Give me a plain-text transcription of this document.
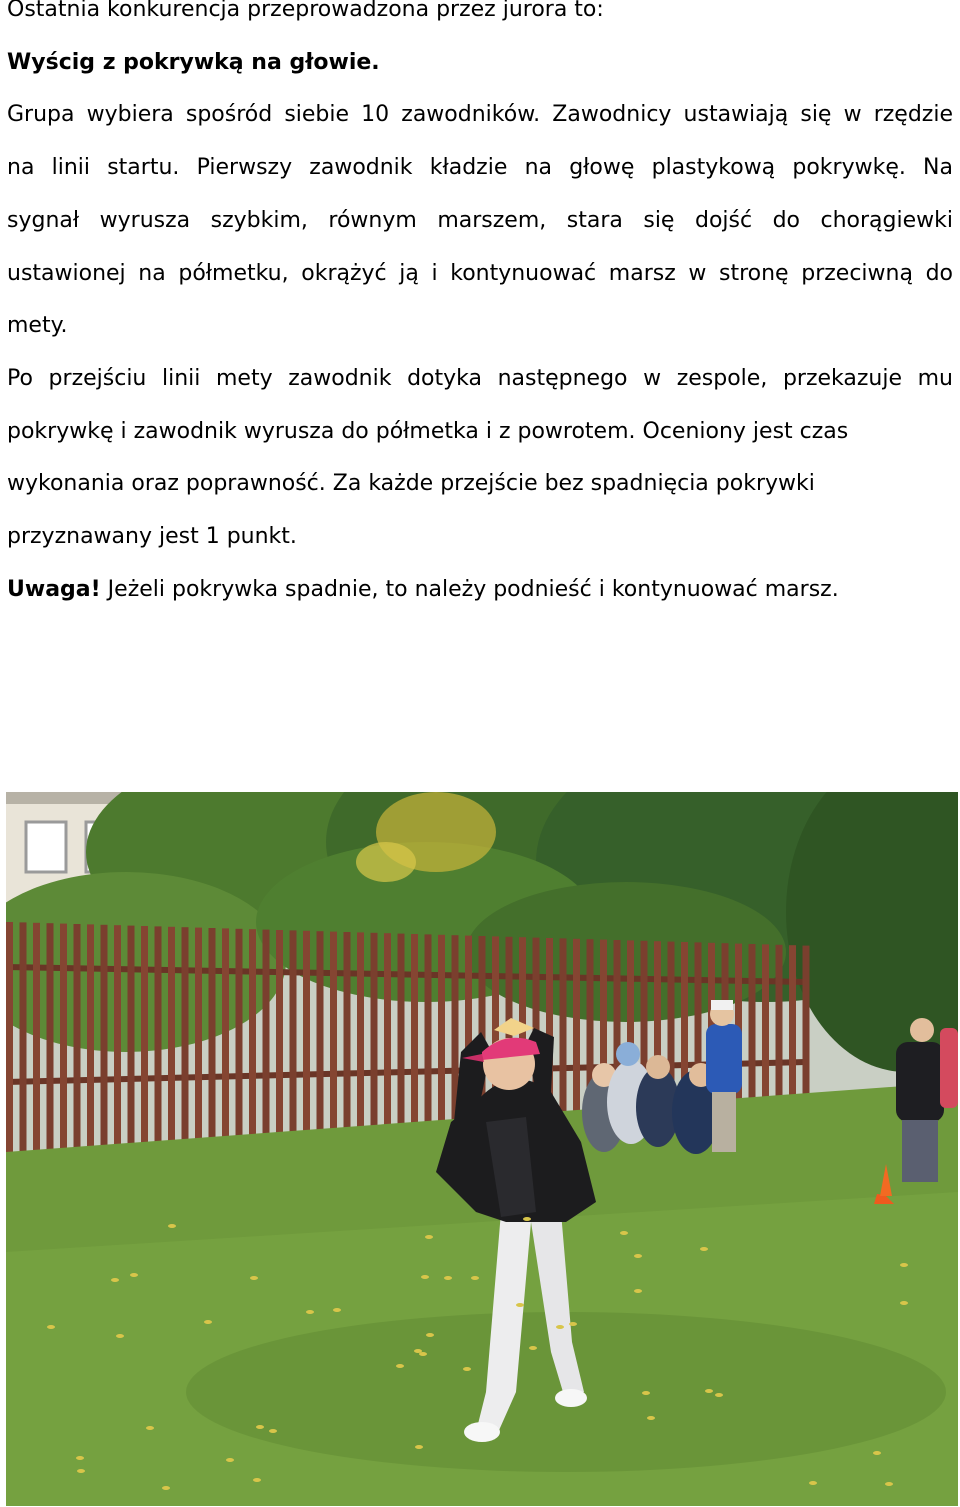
Ostatnia konkurencja przeprowadzona przez jurora to:
Wyścig z pokrywką na głowie.
Grupa wybiera spośród siebie 10 zawodników. Zawodnicy ustawiają się w rzędzie
na linii startu. Pierwszy zawodnik kładzie na głowę plastykową pokrywkę. Na
sygnał wyrusza szybkim, równym marszem, stara się dojść do chorągiewki
ustawionej na półmetku, okrążyć ją i kontynuować marsz w stronę przeciwną do
mety.
Po przejściu linii mety zawodnik dotyka następnego w zespole, przekazuje mu
pokrywkę i zawodnik wyrusza do półmetka i z powrotem. Oceniony jest czas
wykonania oraz poprawność. Za każde przejście bez spadnięcia pokrywki
przyznawany jest 1 punkt.
Uwaga! Jeżeli pokrywka spadnie, to należy podnieść i kontynuować marsz.
